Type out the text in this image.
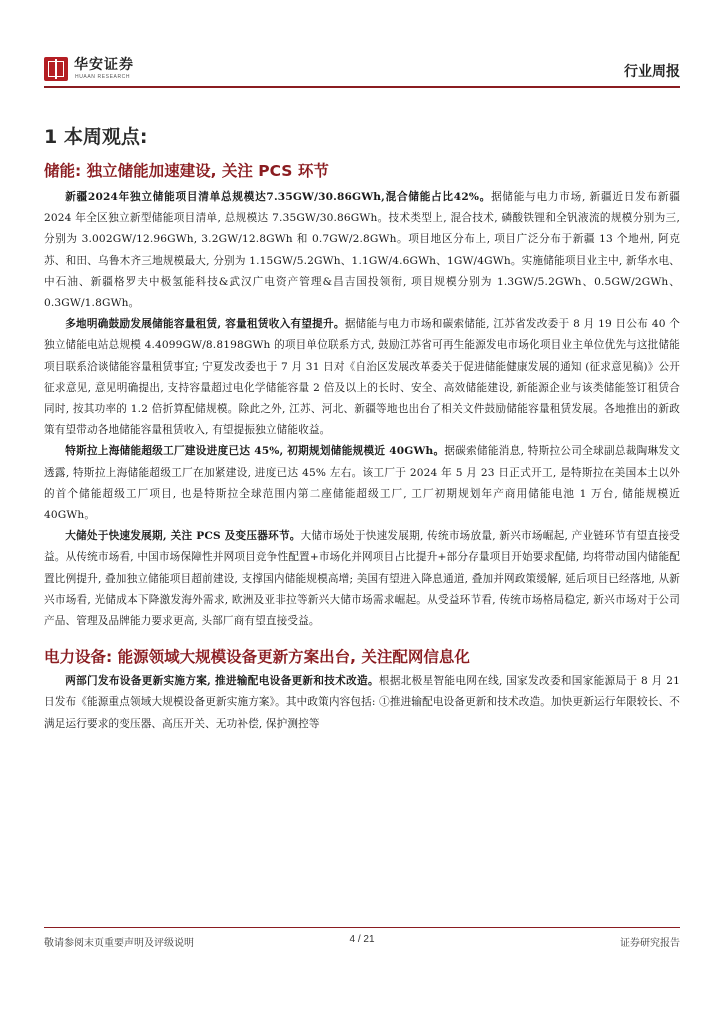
华安证券
HUAAN RESEARCH	行业周报
1 本周观点:
储能: 独立储能加速建设, 关注 PCS 环节

新疆2024年独立储能项目清单总规模达7.35GW/30.86GWh,混合储能占比42%。据储能与电力市场, 新疆近日发布新疆 2024 年全区独立新型储能项目清单, 总规模达 7.35GW/30.86GWh。技术类型上, 混合技术, 磷酸铁锂和全钒液流的规模分别为三, 分别为 3.002GW/12.96GWh, 3.2GW/12.8GWh 和 0.7GW/2.8GWh。项目地区分布上, 项目广泛分布于新疆 13 个地州, 阿克苏、和田、乌鲁木齐三地规模最大, 分别为 1.15GW/5.2GWh、1.1GW/4.6GWh、1GW/4GWh。实施储能项目业主中, 新华水电、中石油、新疆格罗夫中极氢能科技&武汉广电资产管理&昌吉国投领衔, 项目规模分别为 1.3GW/5.2GWh、0.5GW/2GWh、0.3GW/1.8GWh。

多地明确鼓励发展储能容量租赁, 容量租赁收入有望提升。据储能与电力市场和碳索储能, 江苏省发改委于 8 月 19 日公布 40 个独立储能电站总规模 4.4099GW/8.8198GWh 的项目单位联系方式, 鼓励江苏省可再生能源发电市场化项目业主单位优先与这批储能项目联系洽谈储能容量租赁事宜; 宁夏发改委也于 7 月 31 日对《自治区发展改革委关于促进储能健康发展的通知 (征求意见稿)》公开征求意见, 意见明确提出, 支持容量超过电化学储能容量 2 倍及以上的长时、安全、高效储能建设, 新能源企业与该类储能签订租赁合同时, 按其功率的 1.2 倍折算配储规模。除此之外, 江苏、河北、新疆等地也出台了相关文件鼓励储能容量租赁发展。各地推出的新政策有望带动各地储能容量租赁收入, 有望提振独立储能收益。

特斯拉上海储能超级工厂建设进度已达 45%, 初期规划储能规模近 40GWh。据碳索储能消息, 特斯拉公司全球副总裁陶琳发文透露, 特斯拉上海储能超级工厂在加紧建设, 进度已达 45% 左右。该工厂于 2024 年 5 月 23 日正式开工, 是特斯拉在美国本土以外的首个储能超级工厂项目, 也是特斯拉全球范围内第二座储能超级工厂, 工厂初期规划年产商用储能电池 1 万台, 储能规模近 40GWh。

大储处于快速发展期, 关注 PCS 及变压器环节。大储市场处于快速发展期, 传统市场放量, 新兴市场崛起, 产业链环节有望直接受益。从传统市场看, 中国市场保障性并网项目竞争性配置+市场化并网项目占比提升+部分存量项目开始要求配储, 均将带动国内储能配置比例提升, 叠加独立储能项目超前建设, 支撑国内储能规模高增; 美国有望进入降息通道, 叠加并网政策缓解, 延后项目已经落地, 从新兴市场看, 光储成本下降激发海外需求, 欧洲及亚非拉等新兴大储市场需求崛起。从受益环节看, 传统市场格局稳定, 新兴市场对于公司产品、管理及品牌能力要求更高, 头部厂商有望直接受益。

电力设备: 能源领域大规模设备更新方案出台, 关注配网信息化

两部门发布设备更新实施方案, 推进输配电设备更新和技术改造。根据北极星智能电网在线, 国家发改委和国家能源局于 8 月 21 日发布《能源重点领域大规模设备更新实施方案》。其中政策内容包括: ①推进输配电设备更新和技术改造。加快更新运行年限较长、不满足运行要求的变压器、高压开关、无功补偿, 保护测控等

敬请参阅末页重要声明及评级说明	4 / 21	证券研究报告
